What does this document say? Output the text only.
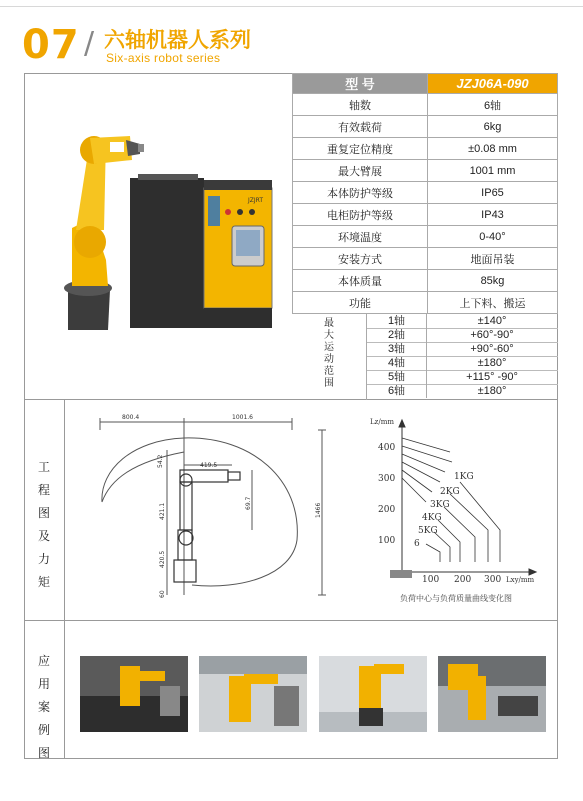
07 / 六轴机器人系列
Six-axis robot series
JZJRT
型 号	JZJ06A-090
轴数	6轴
有效载荷	6kg
重复定位精度	±0.08 mm
最大臂展	1001 mm
本体防护等级	IP65
电柜防护等级	IP43
环境温度	0-40°
安装方式	地面吊装
本体质量	85kg
功能	上下料、搬运
最大运动范围
1轴	±140°
2轴	+60°-90°
3轴	+90°-60°
4轴	±180°
5轴	+115° -90°
6轴	±180°
工程图及力矩
应用案例图
800.4	1001.6
419.5
54.2
421.1	69.7
420.5
1466
60
Lz/mm
400
300
200
100
100 200 300 Lxy/mm
1KG
2KG
3KG
4KG
5KG
6
负荷中心与负荷质量曲线变化图
